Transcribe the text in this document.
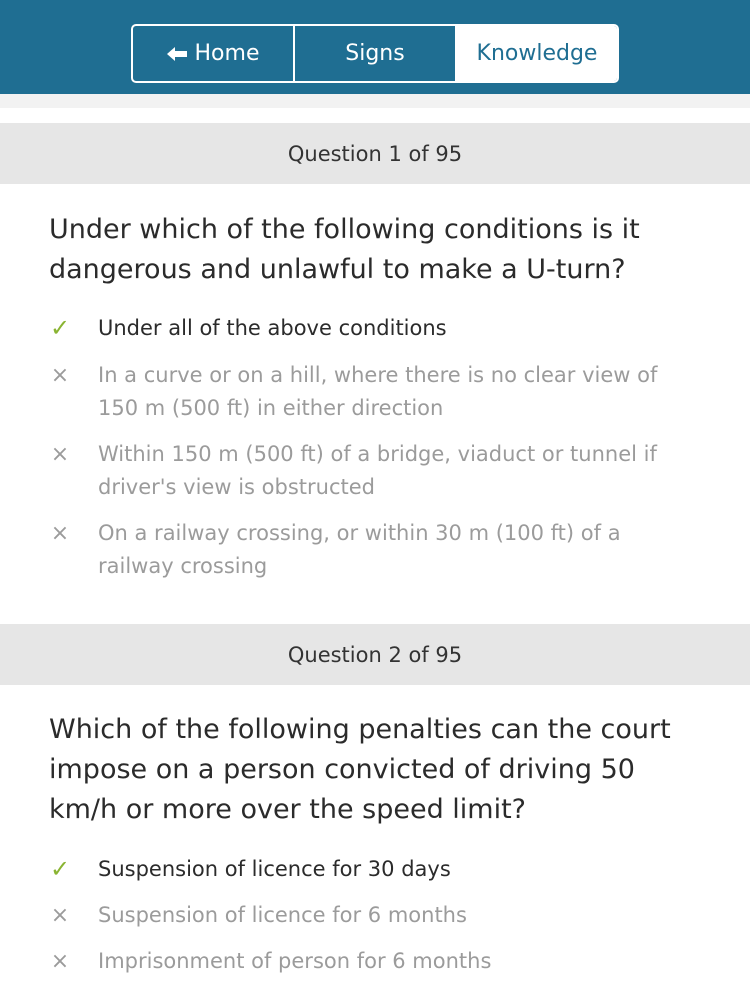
Home	Signs	Knowledge
Question 1 of 95
Under which of the following conditions is it dangerous and unlawful to make a U-turn?
✓ Under all of the above conditions
× In a curve or on a hill, where there is no clear view of 150 m (500 ft) in either direction
× Within 150 m (500 ft) of a bridge, viaduct or tunnel if driver's view is obstructed
× On a railway crossing, or within 30 m (100 ft) of a railway crossing
Question 2 of 95
Which of the following penalties can the court impose on a person convicted of driving 50 km/h or more over the speed limit?
✓ Suspension of licence for 30 days
× Suspension of licence for 6 months
× Imprisonment of person for 6 months
